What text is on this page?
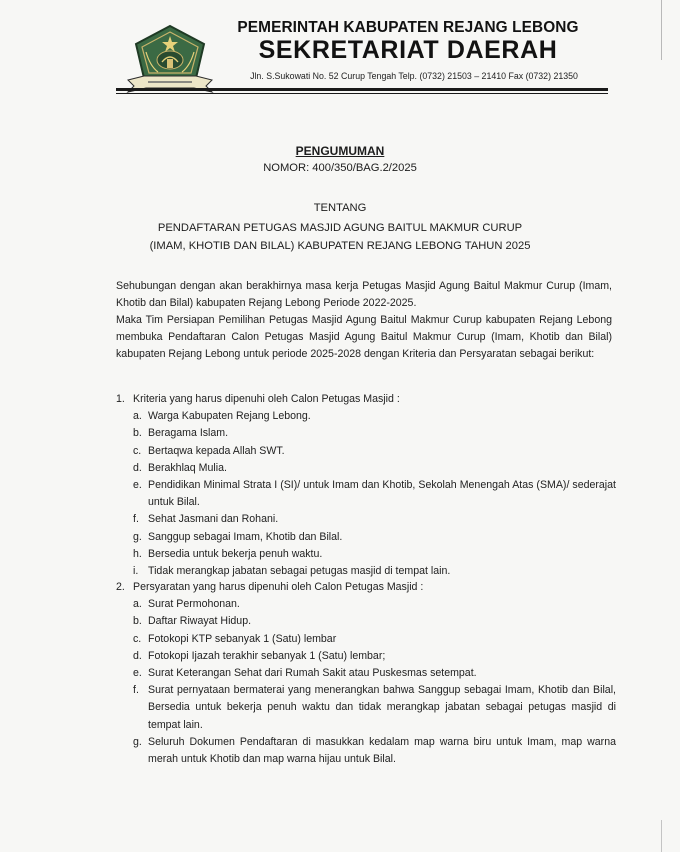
PEMERINTAH KABUPATEN REJANG LEBONG
SEKRETARIAT DAERAH
Jln. S.Sukowati No. 52 Curup Tengah Telp. (0732) 21503 – 21410 Fax (0732) 21350
PENGUMUMAN
NOMOR: 400/350/BAG.2/2025
TENTANG
PENDAFTARAN PETUGAS MASJID AGUNG BAITUL MAKMUR CURUP
(IMAM, KHOTIB DAN BILAL) KABUPATEN REJANG LEBONG TAHUN 2025
Sehubungan dengan akan berakhirnya masa kerja Petugas Masjid Agung Baitul Makmur Curup (Imam, Khotib dan Bilal) kabupaten Rejang Lebong Periode 2022-2025.
Maka Tim Persiapan Pemilihan Petugas Masjid Agung Baitul Makmur Curup kabupaten Rejang Lebong membuka Pendaftaran Calon Petugas Masjid Agung Baitul Makmur Curup (Imam, Khotib dan Bilal) kabupaten Rejang Lebong untuk periode 2025-2028 dengan Kriteria dan Persyaratan sebagai berikut:
1. Kriteria yang harus dipenuhi oleh Calon Petugas Masjid :
a. Warga Kabupaten Rejang Lebong.
b. Beragama Islam.
c. Bertaqwa kepada Allah SWT.
d. Berakhlaq Mulia.
e. Pendidikan Minimal Strata I (SI)/ untuk Imam dan Khotib, Sekolah Menengah Atas (SMA)/ sederajat untuk Bilal.
f. Sehat Jasmani dan Rohani.
g. Sanggup sebagai Imam, Khotib dan Bilal.
h. Bersedia untuk bekerja penuh waktu.
i. Tidak merangkap jabatan sebagai petugas masjid di tempat lain.
2. Persyaratan yang harus dipenuhi oleh Calon Petugas Masjid :
a. Surat Permohonan.
b. Daftar Riwayat Hidup.
c. Fotokopi KTP sebanyak 1 (Satu) lembar
d. Fotokopi Ijazah terakhir sebanyak 1 (Satu) lembar;
e. Surat Keterangan Sehat dari Rumah Sakit atau Puskesmas setempat.
f. Surat pernyataan bermaterai yang menerangkan bahwa Sanggup sebagai Imam, Khotib dan Bilal, Bersedia untuk bekerja penuh waktu dan tidak merangkap jabatan sebagai petugas masjid di tempat lain.
g. Seluruh Dokumen Pendaftaran di masukkan kedalam map warna biru untuk Imam, map warna merah untuk Khotib dan map warna hijau untuk Bilal.
